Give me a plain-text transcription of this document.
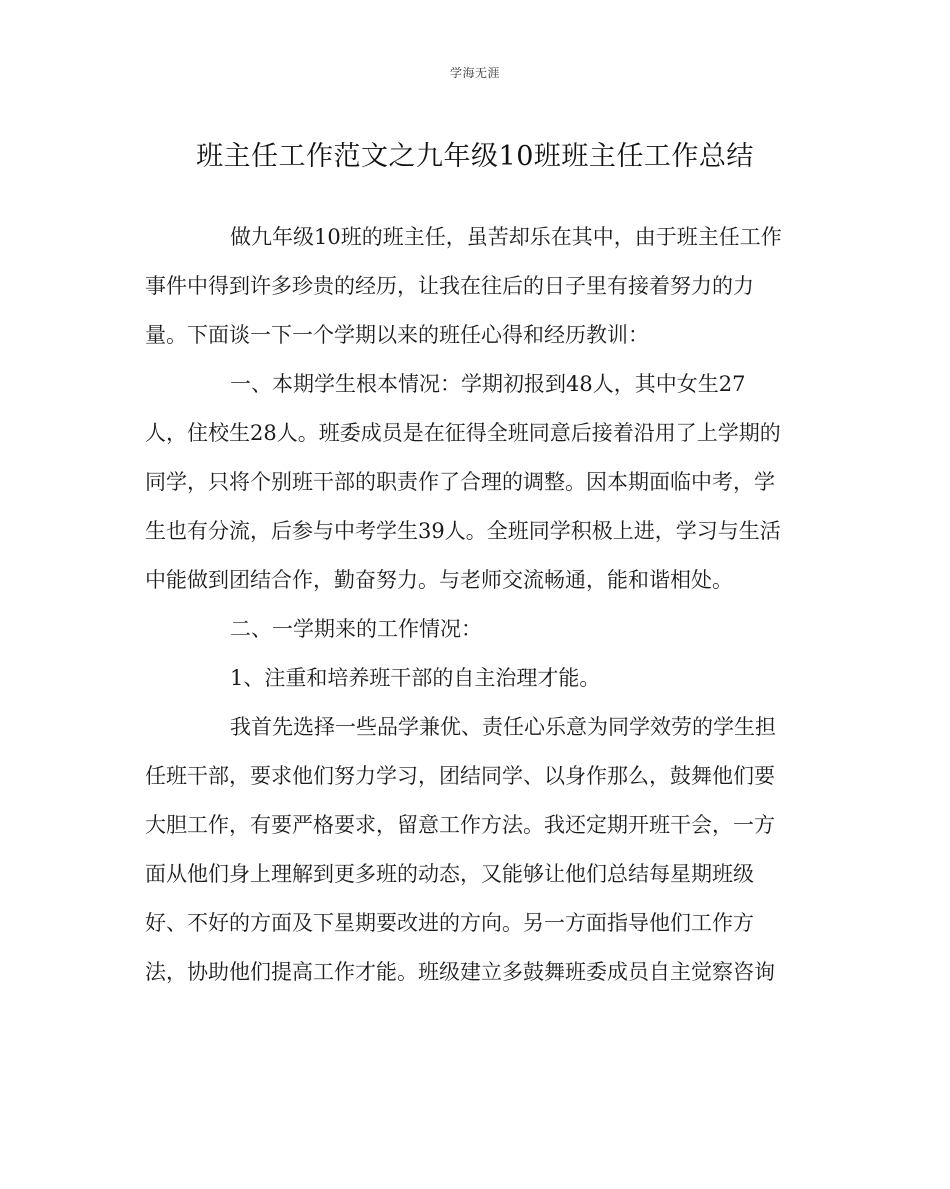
学海无涯
班主任工作范文之九年级10班班主任工作总结
做九年级10班的班主任，虽苦却乐在其中，由于班主任工作
事件中得到许多珍贵的经历，让我在往后的日子里有接着努力的力
量。下面谈一下一个学期以来的班任心得和经历教训：
一、本期学生根本情况：学期初报到48人，其中女生27
人，住校生28人。班委成员是在征得全班同意后接着沿用了上学期的
同学，只将个别班干部的职责作了合理的调整。因本期面临中考，学
生也有分流，后参与中考学生39人。全班同学积极上进，学习与生活
中能做到团结合作，勤奋努力。与老师交流畅通，能和谐相处。
二、一学期来的工作情况：
1、注重和培养班干部的自主治理才能。
我首先选择一些品学兼优、责任心乐意为同学效劳的学生担
任班干部，要求他们努力学习，团结同学、以身作那么，鼓舞他们要
大胆工作，有要严格要求，留意工作方法。我还定期开班干会，一方
面从他们身上理解到更多班的动态，又能够让他们总结每星期班级
好、不好的方面及下星期要改进的方向。另一方面指导他们工作方
法，协助他们提高工作才能。班级建立多鼓舞班委成员自主觉察咨询
